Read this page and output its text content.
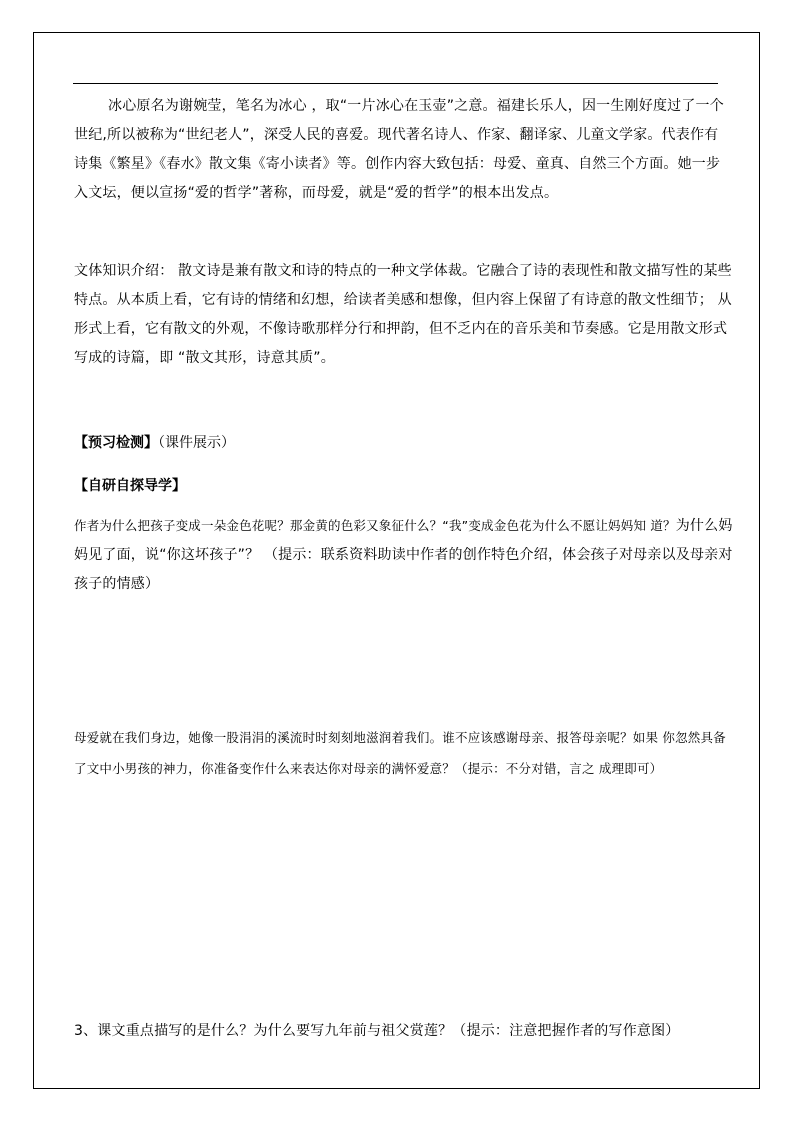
冰心原名为谢婉莹，笔名为冰心 ，取“一片冰心在玉壶”之意。福建长乐人，因一生刚好度过了一个世纪,所以被称为“世纪老人”，深受人民的喜爱。现代著名诗人、作家、翻译家、儿童文学家。代表作有 诗集《繁星》《春水》散文集《寄小读者》等。创作内容大致包括：母爱、童真、自然三个方面。她一步入文坛，便以宣扬“爱的哲学”著称，而母爱，就是“爱的哲学”的根本出发点。

文体知识介绍： 散文诗是兼有散文和诗的特点的一种文学体裁。它融合了诗的表现性和散文描写性的某些特点。从本质上看，它有诗的情绪和幻想，给读者美感和想像，但内容上保留了有诗意的散文性细节； 从形式上看，它有散文的外观，不像诗歌那样分行和押韵，但不乏内在的音乐美和节奏感。它是用散文形式写成的诗篇，即 “散文其形，诗意其质”。

【预习检测】（课件展示）

【自研自探导学】

作者为什么把孩子变成一朵金色花呢？那金黄的色彩又象征什么？“我”变成金色花为什么不愿让妈妈知 道？为什么妈妈见了面，说“你这坏孩子”？ （提示：联系资料助读中作者的创作特色介绍，体会孩子对母亲以及母亲对孩子的情感）

母爱就在我们身边，她像一股涓涓的溪流时时刻刻地滋润着我们。谁不应该感谢母亲、报答母亲呢？如果 你忽然具备了文中小男孩的神力，你准备变作什么来表达你对母亲的满怀爱意？（提示：不分对错，言之 成理即可）

3、课文重点描写的是什么？为什么要写九年前与祖父赏莲？（提示：注意把握作者的写作意图）
